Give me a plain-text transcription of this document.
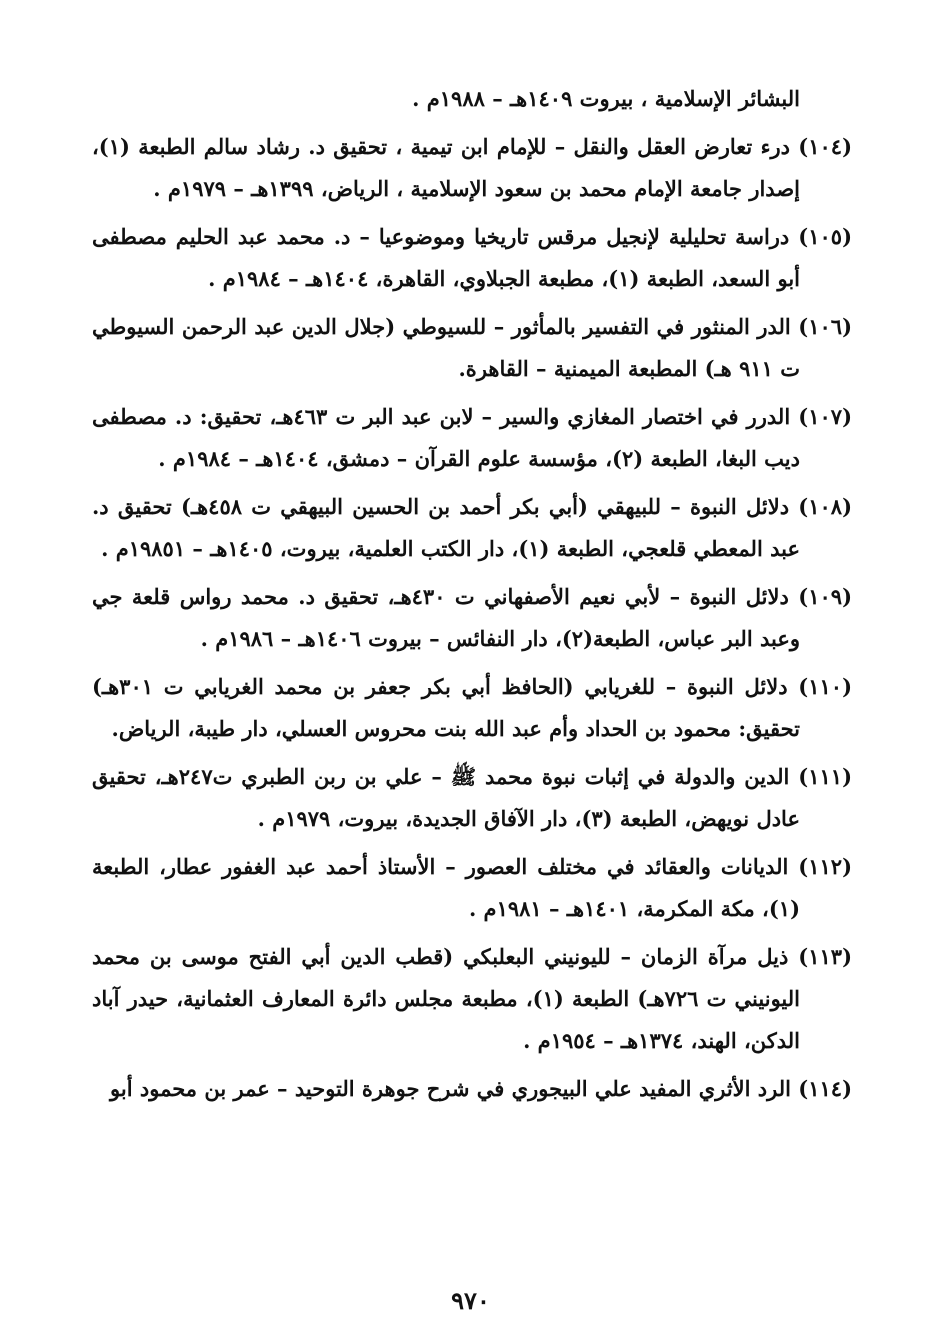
البشائر الإسلامية ، بيروت ١٤٠٩هـ – ١٩٨٨م .

(١٠٤) درء تعارض العقل والنقل – للإمام ابن تيمية ، تحقيق د. رشاد سالم الطبعة (١)، إصدار جامعة الإمام محمد بن سعود الإسلامية ، الرياض، ١٣٩٩هـ – ١٩٧٩م .

(١٠٥) دراسة تحليلية لإنجيل مرقس تاريخيا وموضوعيا – د. محمد عبد الحليم مصطفى أبو السعد، الطبعة (١)، مطبعة الجبلاوي، القاهرة، ١٤٠٤هـ – ١٩٨٤م .

(١٠٦) الدر المنثور في التفسير بالمأثور – للسيوطي (جلال الدين عبد الرحمن السيوطي ت ٩١١ هـ) المطبعة الميمنية – القاهرة.

(١٠٧) الدرر في اختصار المغازي والسير – لابن عبد البر ت ٤٦٣هـ، تحقيق: د. مصطفى ديب البغا، الطبعة (٢)، مؤسسة علوم القرآن – دمشق، ١٤٠٤هـ – ١٩٨٤م .

(١٠٨) دلائل النبوة – للبيهقي (أبي بكر أحمد بن الحسين البيهقي ت ٤٥٨هـ) تحقيق د. عبد المعطي قلعجي، الطبعة (١)، دار الكتب العلمية، بيروت، ١٤٠٥هـ – ١٩٨٥١م .

(١٠٩) دلائل النبوة – لأبي نعيم الأصفهاني ت ٤٣٠هـ، تحقيق د. محمد رواس قلعة جي وعبد البر عباس، الطبعة(٢)، دار النفائس – بيروت ١٤٠٦هـ – ١٩٨٦م .

(١١٠) دلائل النبوة – للغريابي (الحافظ أبي بكر جعفر بن محمد الغريابي ت ٣٠١هـ) تحقيق: محمود بن الحداد وأم عبد الله بنت محروس العسلي، دار طيبة، الرياض.

(١١١) الدين والدولة في إثبات نبوة محمد ﷺ – علي بن ربن الطبري ت٢٤٧هـ، تحقيق عادل نويهض، الطبعة (٣)، دار الآفاق الجديدة، بيروت، ١٩٧٩م .

(١١٢) الديانات والعقائد في مختلف العصور – الأستاذ أحمد عبد الغفور عطار، الطبعة (١)، مكة المكرمة، ١٤٠١هـ – ١٩٨١م .

(١١٣) ذيل مرآة الزمان – لليونيني البعلبكي (قطب الدين أبي الفتح موسى بن محمد اليونيني ت ٧٢٦هـ) الطبعة (١)، مطبعة مجلس دائرة المعارف العثمانية، حيدر آباد الدكن، الهند، ١٣٧٤هـ – ١٩٥٤م .

(١١٤) الرد الأثري المفيد علي البيجوري في شرح جوهرة التوحيد – عمر بن محمود أبو

٩٧٠
